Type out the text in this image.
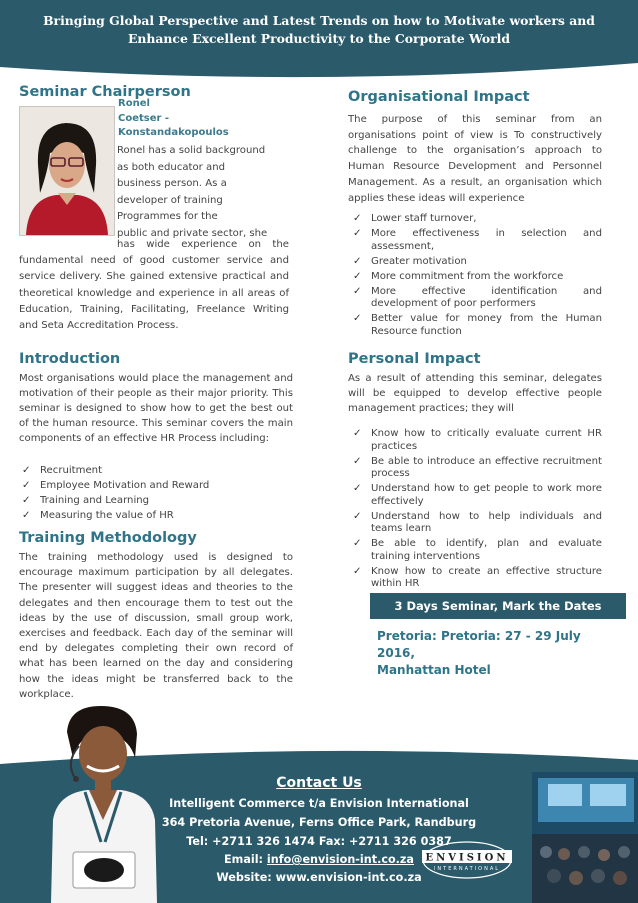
Bringing Global Perspective and Latest Trends on how to Motivate workers and Enhance Excellent Productivity to the Corporate World
Seminar Chairperson
Ronel
Coetser -
Konstandakopoulos
Ronel has a solid background
as both educator and
business person. As a
developer of training
Programmes for the
public and private sector, she

has wide experience on the fundamental need of good customer service and service delivery. She gained extensive practical and theoretical knowledge and experience in all areas of Education, Training, Facilitating, Freelance Writing and Seta Accreditation Process.

Introduction

Most organisations would place the management and motivation of their people as their major priority. This seminar is designed to show how to get the best out of the human resource. This seminar covers the main components of an effective HR Process including:

✓ Recruitment
✓ Employee Motivation and Reward
✓ Training and Learning
✓ Measuring the value of HR
Training Methodology

The training methodology used is designed to encourage maximum participation by all delegates. The presenter will suggest ideas and theories to the delegates and then encourage them to test out the ideas by the use of discussion, small group work, exercises and feedback. Each day of the seminar will end by delegates completing their own record of what has been learned on the day and considering how the ideas might be transferred back to the workplace.

Organisational Impact

The purpose of this seminar from an organisations point of view is To constructively challenge to the organisation’s approach to Human Resource Development and Personnel Management. As a result, an organisation which applies these ideas will experience

✓ Lower staff turnover,
✓ More effectiveness in selection and assessment,
✓ Greater motivation
✓ More commitment from the workforce
✓ More effective identification and development of poor performers
✓ Better value for money from the Human Resource function
Personal Impact

As a result of attending this seminar, delegates will be equipped to develop effective people management practices; they will

✓ Know how to critically evaluate current HR practices
✓ Be able to introduce an effective recruitment process
✓ Understand how to get people to work more effectively
✓ Understand how to help individuals and teams learn
✓ Be able to identify, plan and evaluate training interventions
✓ Know how to create an effective structure within HR
3 Days Seminar, Mark the Dates
Pretoria: Pretoria: 27 - 29 July 2016,
Manhattan Hotel
Contact Us
Intelligent Commerce t/a Envision International
364 Pretoria Avenue, Ferns Office Park, Randburg
Tel: +2711 326 1474 Fax: +2711 326 0387
Email: info@envision-int.co.za
Website: www.envision-int.co.za
ENVISION
INTERNATIONAL
